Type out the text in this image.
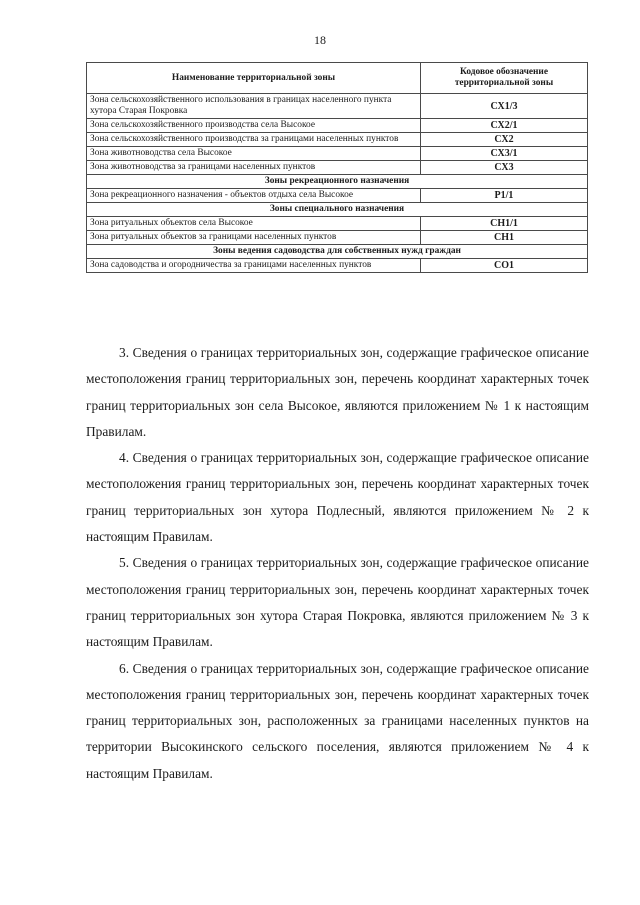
18
Наименование территориальной зоны	Кодовое обозначение территориальной зоны
Зона сельскохозяйственного использования в границах населенного пункта хутора Старая Покровка	СХ1/3
Зона сельскохозяйственного производства села Высокое	СХ2/1
Зона сельскохозяйственного производства за границами населенных пунктов	СХ2
Зона животноводства села Высокое	СХ3/1
Зона животноводства за границами населенных пунктов	СХ3
Зоны рекреационного назначения	
Зона рекреационного назначения - объектов отдыха села Высокое	Р1/1
Зоны специального назначения	
Зона ритуальных объектов села Высокое	СН1/1
Зона ритуальных объектов за границами населенных пунктов	СН1
Зоны ведения садоводства для собственных нужд граждан	
Зона садоводства и огородничества за границами населенных пунктов	СО1

3. Сведения о границах территориальных зон, содержащие графическое описание местоположения границ территориальных зон, перечень координат характерных точек границ территориальных зон села Высокое, являются приложением № 1 к настоящим Правилам.

4. Сведения о границах территориальных зон, содержащие графическое описание местоположения границ территориальных зон, перечень координат характерных точек границ территориальных зон хутора Подлесный, являются приложением № 2 к настоящим Правилам.

5. Сведения о границах территориальных зон, содержащие графическое описание местоположения границ территориальных зон, перечень координат характерных точек границ территориальных зон хутора Старая Покровка, являются приложением № 3 к настоящим Правилам.

6. Сведения о границах территориальных зон, содержащие графическое описание местоположения границ территориальных зон, перечень координат характерных точек границ территориальных зон, расположенных за границами населенных пунктов на территории Высокинского сельского поселения, являются приложением № 4 к настоящим Правилам.
